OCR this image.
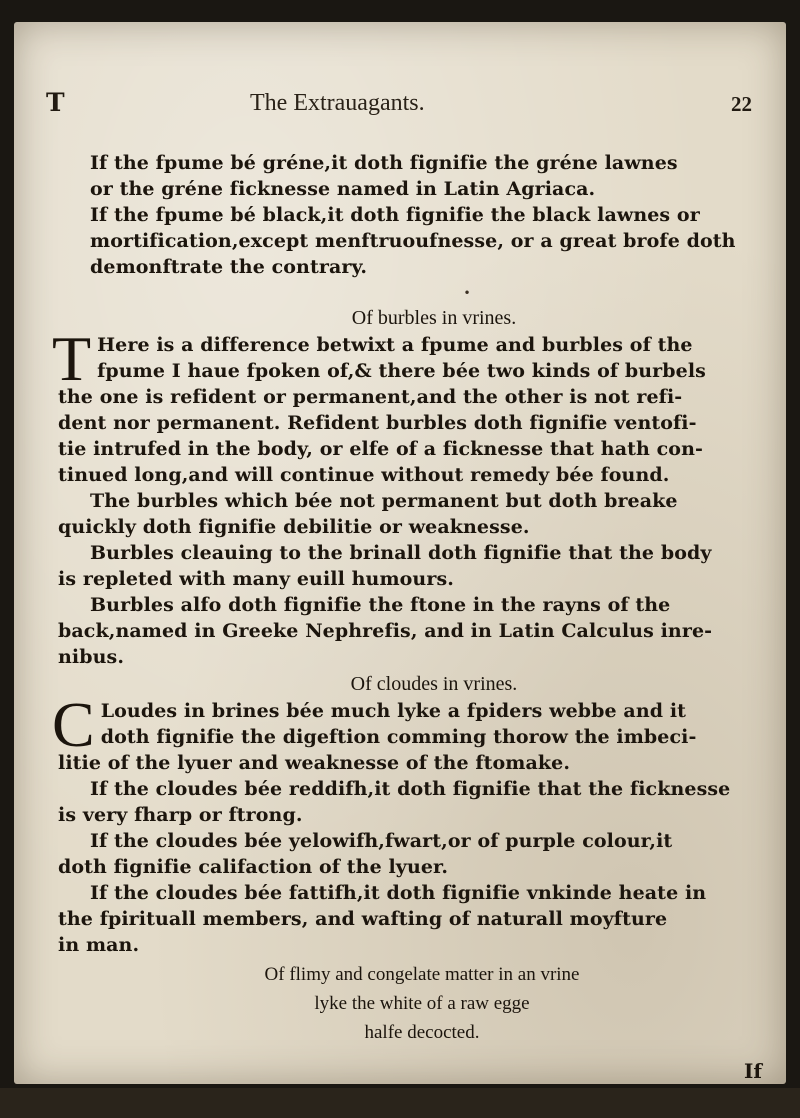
T	The Extrauagants.	22
If the fpume bé gréne,it doth fignifie the gréne lawnes
or the gréne ficknesse named in Latin Agriaca.
If the fpume bé black,it doth fignifie the black lawnes or
mortification,except menftruoufnesse, or a great brofe doth
demonftrate the contrary.
•
Of burbles in vrines.
T Here is a difference betwixt a fpume and burbles of the
fpume I haue fpoken of,& there bée two kinds of burbels
the one is refident or permanent,and the other is not refi-
dent nor permanent. Refident burbles doth fignifie ventofi-
tie intrufed in the body, or elfe of a ficknesse that hath con-
tinued long,and will continue without remedy bée found.
The burbles which bée not permanent but doth breake
quickly doth fignifie debilitie or weaknesse.
Burbles cleauing to the brinall doth fignifie that the body
is repleted with many euill humours.
Burbles alfo doth fignifie the ftone in the rayns of the
back,named in Greeke Nephrefis, and in Latin Calculus inre-
nibus.
Of cloudes in vrines.
C Loudes in brines bée much lyke a fpiders webbe and it
doth fignifie the digeftion comming thorow the imbeci-
litie of the lyuer and weaknesse of the ftomake.
If the cloudes bée reddifh,it doth fignifie that the ficknesse
is very fharp or ftrong.
If the cloudes bée yelowifh,fwart,or of purple colour,it
doth fignifie califaction of the lyuer.
If the cloudes bée fattifh,it doth fignifie vnkinde heate in
the fpirituall members, and wafting of naturall moyfture
in man.
Of flimy and congelate matter in an vrine
lyke the white of a raw egge
halfe decocted.
If
